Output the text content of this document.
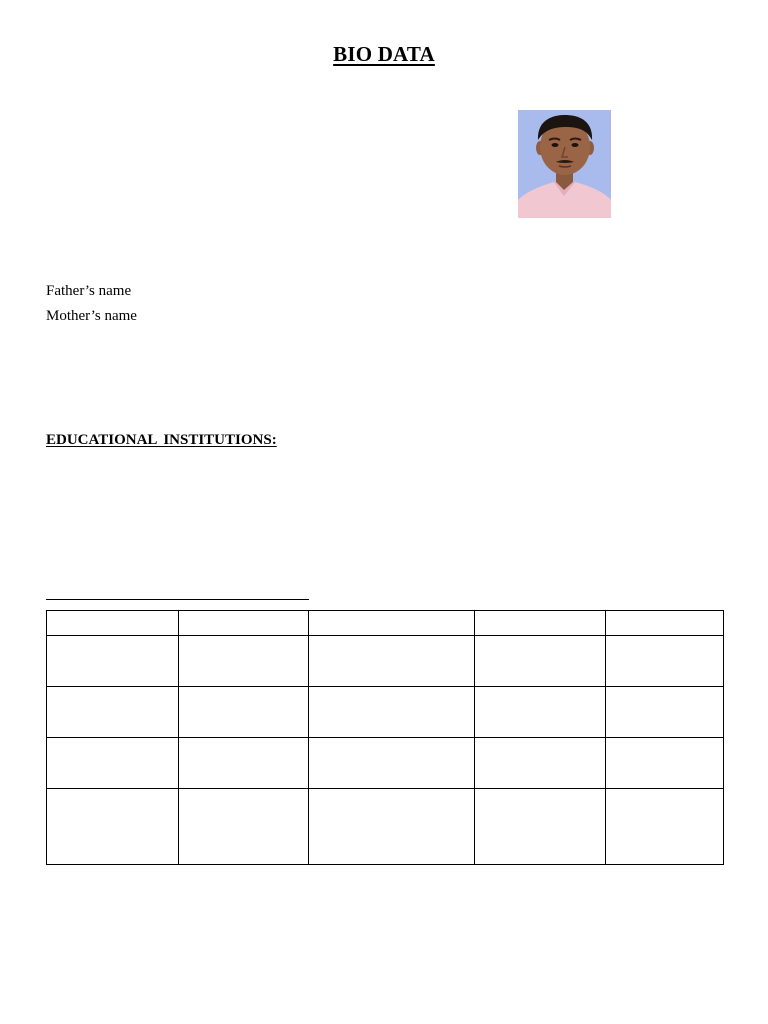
BIO DATA
Father’s name
Mother’s name
EDUCATIONAL INSTITUTIONS:
